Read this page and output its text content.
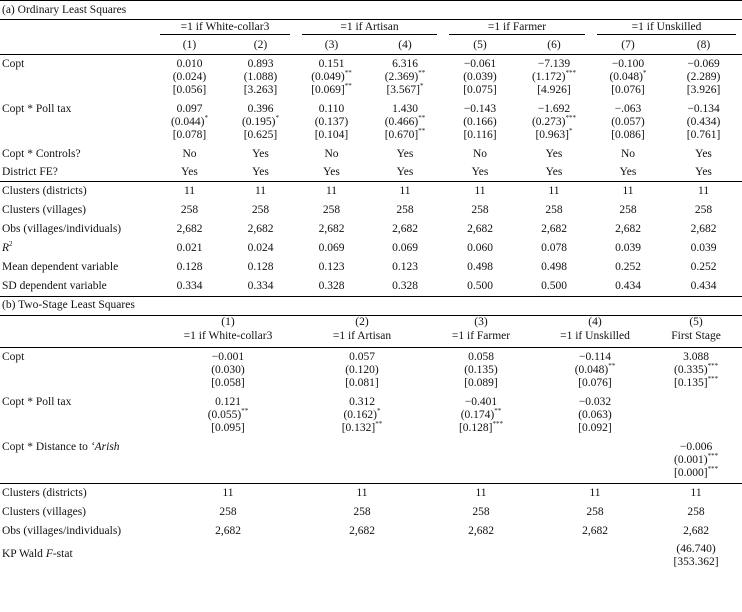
(a) Ordinary Least Squares								

	=1 if White-collar3		=1 if Artisan		=1 if Farmer		=1 if Unskilled	

	(1)	(2)	(3)	(4)	(5)	(6)	(7)	(8)
Copt	0.010
(0.024)
[0.056]	0.893
(1.088)
[3.263]	0.151
(0.049)**
[0.069]**	6.316
(2.369)**
[3.567]*	−0.061
(0.039)
[0.075]	−7.139
(1.172)***
[4.926]	−0.100
(0.048)*
[0.076]	−0.069
(2.289)
[3.926]

Copt * Poll tax	0.097
(0.044)*
[0.078]	0.396
(0.195)*
[0.625]	0.110
(0.137)
[0.104]	1.430
(0.466)**
[0.670]**	−0.143
(0.166)
[0.116]	−1.692
(0.273)***
[0.963]*	−.063
(0.057)
[0.086]	−0.134
(0.434)
[0.761]

Copt * Controls?	No	Yes	No	Yes	No	Yes	No	Yes
District FE?	Yes	Yes	Yes	Yes	Yes	Yes	Yes	Yes
Clusters (districts)	11	11	11	11	11	11	11	11
Clusters (villages)	258	258	258	258	258	258	258	258
Obs (villages/individuals)	2,682	2,682	2,682	2,682	2,682	2,682	2,682	2,682
$R^2$	0.021	0.024	0.069	0.069	0.060	0.078	0.039	0.039
Mean dependent variable	0.128	0.128	0.123	0.123	0.498	0.498	0.252	0.252
SD dependent variable	0.334	0.334	0.328	0.328	0.500	0.500	0.434	0.434
(b) Two-Stage Least Squares					
	(1)	(2)	(3)	(4)	(5)
	=1 if White-collar3	=1 if Artisan	=1 if Farmer	=1 if Unskilled	First Stage
Copt	−0.001
(0.030)
[0.058]	0.057
(0.120)
[0.081]	0.058
(0.135)
[0.089]	−0.114
(0.048)**
[0.076]	3.088
(0.335)***
[0.135]***

Copt * Poll tax	0.121
(0.055)**
[0.095]	0.312
(0.162)*
[0.132]**	−0.401
(0.174)**
[0.128]***	−0.032
(0.063)
[0.092]	

Copt * Distance to ‘Arish					−0.006
(0.001)***
[0.000]***

Clusters (districts)	11	11	11	11	11
Clusters (villages)	258	258	258	258	258
Obs (villages/individuals)	2,682	2,682	2,682	2,682	2,682
KP Wald F-stat					(46.740)
[353.362]
